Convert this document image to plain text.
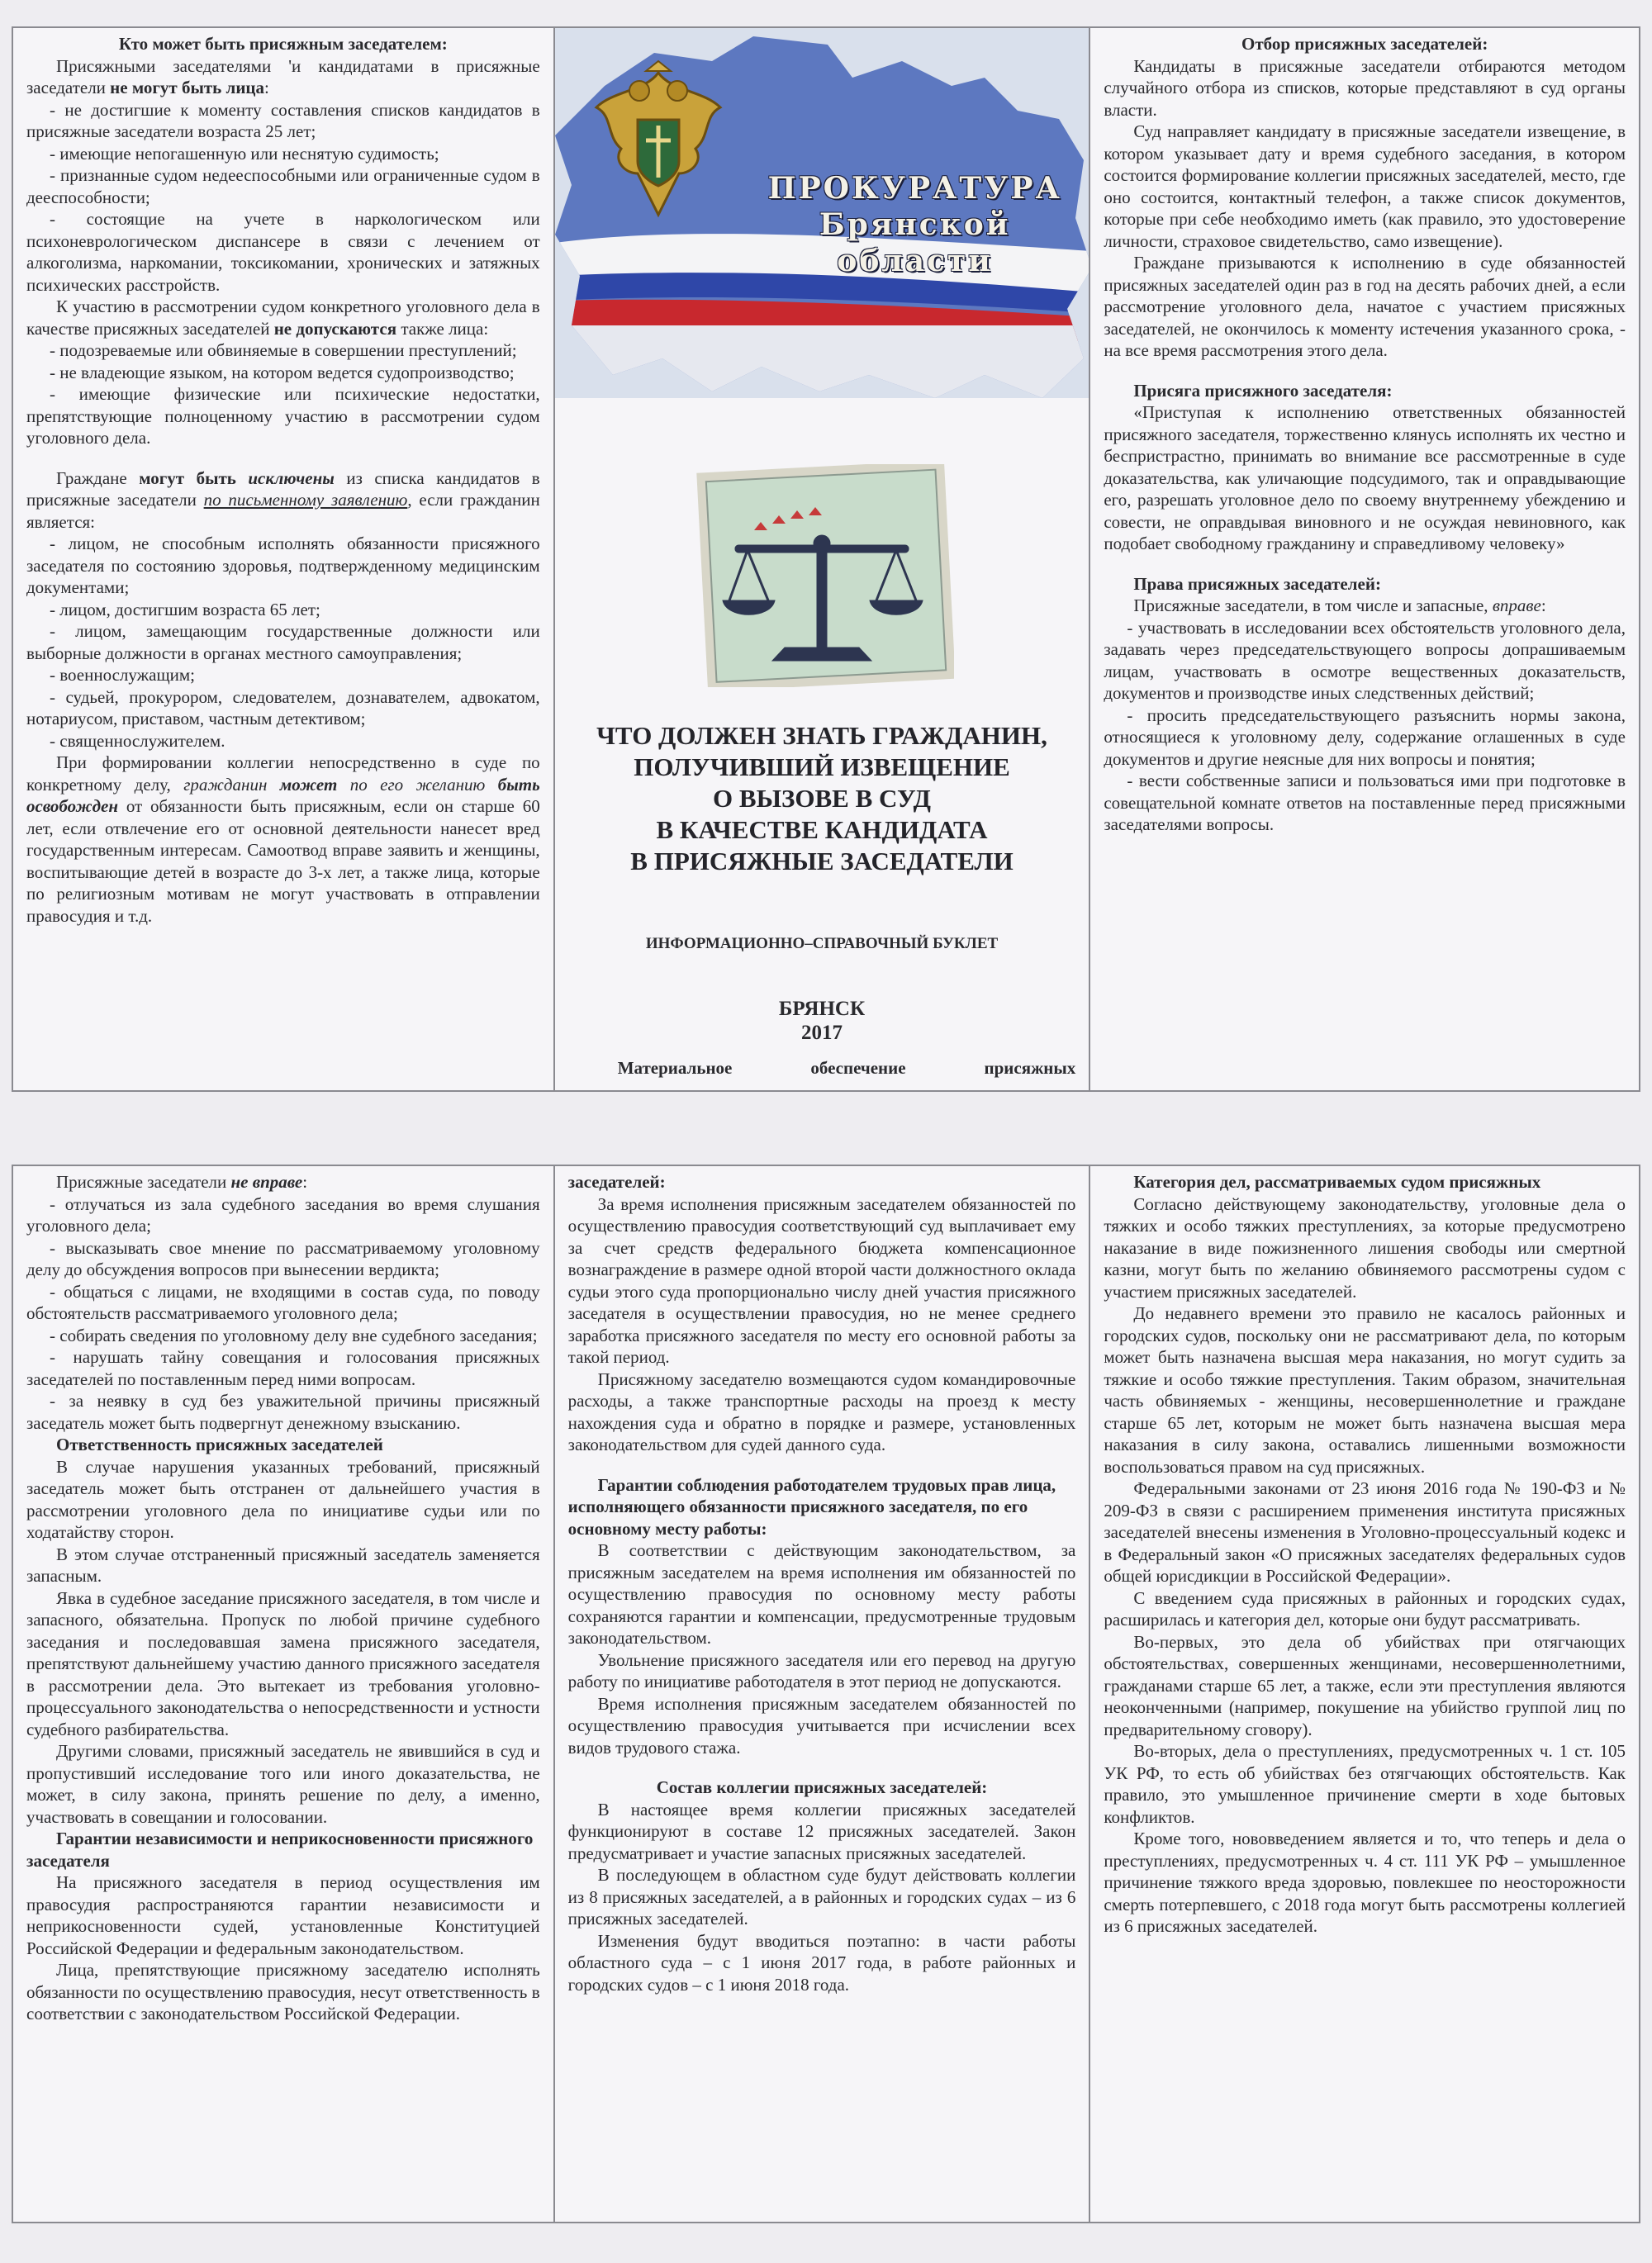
Кто может быть присяжным заседателем:

Присяжными заседателями 'и кандидатами в присяжные заседатели не могут быть лица:

- не достигшие к моменту составления списков кандидатов в присяжные заседатели возраста 25 лет;

- имеющие непогашенную или неснятую судимость;

- признанные судом недееспособными или ограниченные судом в дееспособности;

- состоящие на учете в наркологическом или психоневрологическом диспансере в связи с лечением от алкоголизма, наркомании, токсикомании, хронических и затяжных психических расстройств.

К участию в рассмотрении судом конкретного уголовного дела в качестве присяжных заседателей не допускаются также лица:

- подозреваемые или обвиняемые в совершении преступлений;

- не владеющие языком, на котором ведется судопроизводство;

- имеющие физические или психические недостатки, препятствующие полноценному участию в рассмотрении судом уголовного дела.

Граждане могут быть исключены из списка кандидатов в присяжные заседатели по письменному заявлению, если гражданин является:

- лицом, не способным исполнять обязанности присяжного заседателя по состоянию здоровья, подтвержденному медицинским документами;

- лицом, достигшим возраста 65 лет;

- лицом, замещающим государственные должности или выборные должности в органах местного самоуправления;

- военнослужащим;

- судьей, прокурором, следователем, дознавателем, адвокатом, нотариусом, приставом, частным детективом;

- священнослужителем.

При формировании коллегии непосредственно в суде по конкретному делу, гражданин может по его желанию быть освобожден от обязанности быть присяжным, если он старше 60 лет, если отвлечение его от основной деятельности нанесет вред государственным интересам. Самоотвод вправе заявить и женщины, воспитывающие детей в возрасте до 3-х лет, а также лица, которые по религиозным мотивам не могут участвовать в отправлении правосудия и т.д.

ПРОКУРАТУРА
Брянской области
ЧТО ДОЛЖЕН ЗНАТЬ ГРАЖДАНИН,
ПОЛУЧИВШИЙ ИЗВЕЩЕНИЕ
О ВЫЗОВЕ В СУД
В КАЧЕСТВЕ КАНДИДАТА
В ПРИСЯЖНЫЕ ЗАСЕДАТЕЛИ
ИНФОРМАЦИОННО–СПРАВОЧНЫЙ БУКЛЕТ
БРЯНСК
2017
Материальное	обеспечение	присяжных
Отбор присяжных заседателей:

Кандидаты в присяжные заседатели отбираются методом случайного отбора из списков, которые представляют в суд органы власти.

Суд направляет кандидату в присяжные заседатели извещение, в котором указывает дату и время судебного заседания, в котором состоится формирование коллегии присяжных заседателей, место, где оно состоится, контактный телефон, а также список документов, которые при себе необходимо иметь (как правило, это удостоверение личности, страховое свидетельство, само извещение).

Граждане призываются к исполнению в суде обязанностей присяжных заседателей один раз в год на десять рабочих дней, а если рассмотрение уголовного дела, начатое с участием присяжных заседателей, не окончилось к моменту истечения указанного срока, - на все время рассмотрения этого дела.

Присяга присяжного заседателя:

«Приступая к исполнению ответственных обязанностей присяжного заседателя, торжественно клянусь исполнять их честно и беспристрастно, принимать во внимание все рассмотренные в суде доказательства, как уличающие подсудимого, так и оправдывающие его, разрешать уголовное дело по своему внутреннему убеждению и совести, не оправдывая виновного и не осуждая невиновного, как подобает свободному гражданину и справедливому человеку»

Права присяжных заседателей:

Присяжные заседатели, в том числе и запасные, вправе:

- участвовать в исследовании всех обстоятельств уголовного дела, задавать через председательствующего вопросы допрашиваемым лицам, участвовать в осмотре вещественных доказательств, документов и производстве иных следственных действий;

- просить председательствующего разъяснить нормы закона, относящиеся к уголовному делу, содержание оглашенных в суде документов и другие неясные для них вопросы и понятия;

- вести собственные записи и пользоваться ими при подготовке в совещательной комнате ответов на поставленные перед присяжными заседателями вопросы.

Присяжные заседатели не вправе:

- отлучаться из зала судебного заседания во время слушания уголовного дела;

- высказывать свое мнение по рассматриваемому уголовному делу до обсуждения вопросов при вынесении вердикта;

- общаться с лицами, не входящими в состав суда, по поводу обстоятельств рассматриваемого уголовного дела;

- собирать сведения по уголовному делу вне судебного заседания;

- нарушать тайну совещания и голосования присяжных заседателей по поставленным перед ними вопросам.

- за неявку в суд без уважительной причины присяжный заседатель может быть подвергнут денежному взысканию.

Ответственность присяжных заседателей

В случае нарушения указанных требований, присяжный заседатель может быть отстранен от дальнейшего участия в рассмотрении уголовного дела по инициативе судьи или по ходатайству сторон.

В этом случае отстраненный присяжный заседатель заменяется запасным.

Явка в судебное заседание присяжного заседателя, в том числе и запасного, обязательна. Пропуск по любой причине судебного заседания и последовавшая замена присяжного заседателя, препятствуют дальнейшему участию данного присяжного заседателя в рассмотрении дела. Это вытекает из требования уголовно-процессуального законодательства о непосредственности и устности судебного разбирательства.

Другими словами, присяжный заседатель не явившийся в суд и пропустивший исследование того или иного доказательства, не может, в силу закона, принять решение по делу, а именно, участвовать в совещании и голосовании.

Гарантии независимости и неприкосновенности присяжного заседателя

На присяжного заседателя в период осуществления им правосудия распространяются гарантии независимости и неприкосновенности судей, установленные Конституцией Российской Федерации и федеральным законодательством.

Лица, препятствующие присяжному заседателю исполнять обязанности по осуществлению правосудия, несут ответственность в соответствии с законодательством Российской Федерации.

заседателей:

За время исполнения присяжным заседателем обязанностей по осуществлению правосудия соответствующий суд выплачивает ему за счет средств федерального бюджета компенсационное вознаграждение в размере одной второй части должностного оклада судьи этого суда пропорционально числу дней участия присяжного заседателя в осуществлении правосудия, но не менее среднего заработка присяжного заседателя по месту его основной работы за такой период.

Присяжному заседателю возмещаются судом командировочные расходы, а также транспортные расходы на проезд к месту нахождения суда и обратно в порядке и размере, установленных законодательством для судей данного суда.

Гарантии соблюдения работодателем трудовых прав лица, исполняющего обязанности присяжного заседателя, по его основному месту работы:

В соответствии с действующим законодательством, за присяжным заседателем на время исполнения им обязанностей по осуществлению правосудия по основному месту работы сохраняются гарантии и компенсации, предусмотренные трудовым законодательством.

Увольнение присяжного заседателя или его перевод на другую работу по инициативе работодателя в этот период не допускаются.

Время исполнения присяжным заседателем обязанностей по осуществлению правосудия учитывается при исчислении всех видов трудового стажа.

Состав коллегии присяжных заседателей:

В настоящее время коллегии присяжных заседателей функционируют в составе 12 присяжных заседателей. Закон предусматривает и участие запасных присяжных заседателей.

В последующем в областном суде будут действовать коллегии из 8 присяжных заседателей, а в районных и городских судах – из 6 присяжных заседателей.

Изменения будут вводиться поэтапно: в части работы областного суда – с 1 июня 2017 года, в работе районных и городских судов – с 1 июня 2018 года.

Категория дел, рассматриваемых судом присяжных

Согласно действующему законодательству, уголовные дела о тяжких и особо тяжких преступлениях, за которые предусмотрено наказание в виде пожизненного лишения свободы или смертной казни, могут быть по желанию обвиняемого рассмотрены судом с участием присяжных заседателей.

До недавнего времени это правило не касалось районных и городских судов, поскольку они не рассматривают дела, по которым может быть назначена высшая мера наказания, но могут судить за тяжкие и особо тяжкие преступления. Таким образом, значительная часть обвиняемых - женщины, несовершеннолетние и граждане старше 65 лет, которым не может быть назначена высшая мера наказания в силу закона, оставались лишенными возможности воспользоваться правом на суд присяжных.

Федеральными законами от 23 июня 2016 года № 190-ФЗ и № 209-ФЗ в связи с расширением применения института присяжных заседателей внесены изменения в Уголовно-процессуальный кодекс и в Федеральный закон «О присяжных заседателях федеральных судов общей юрисдикции в Российской Федерации».

С введением суда присяжных в районных и городских судах, расширилась и категория дел, которые они будут рассматривать.

Во-первых, это дела об убийствах при отягчающих обстоятельствах, совершенных женщинами, несовершеннолетними, гражданами старше 65 лет, а также, если эти преступления являются неоконченными (например, покушение на убийство группой лиц по предварительному сговору).

Во-вторых, дела о преступлениях, предусмотренных ч. 1 ст. 105 УК РФ, то есть об убийствах без отягчающих обстоятельств. Как правило, это умышленное причинение смерти в ходе бытовых конфликтов.

Кроме того, нововведением является и то, что теперь и дела о преступлениях, предусмотренных ч. 4 ст. 111 УК РФ – умышленное причинение тяжкого вреда здоровью, повлекшее по неосторожности смерть потерпевшего, с 2018 года могут быть рассмотрены коллегией из 6 присяжных заседателей.
